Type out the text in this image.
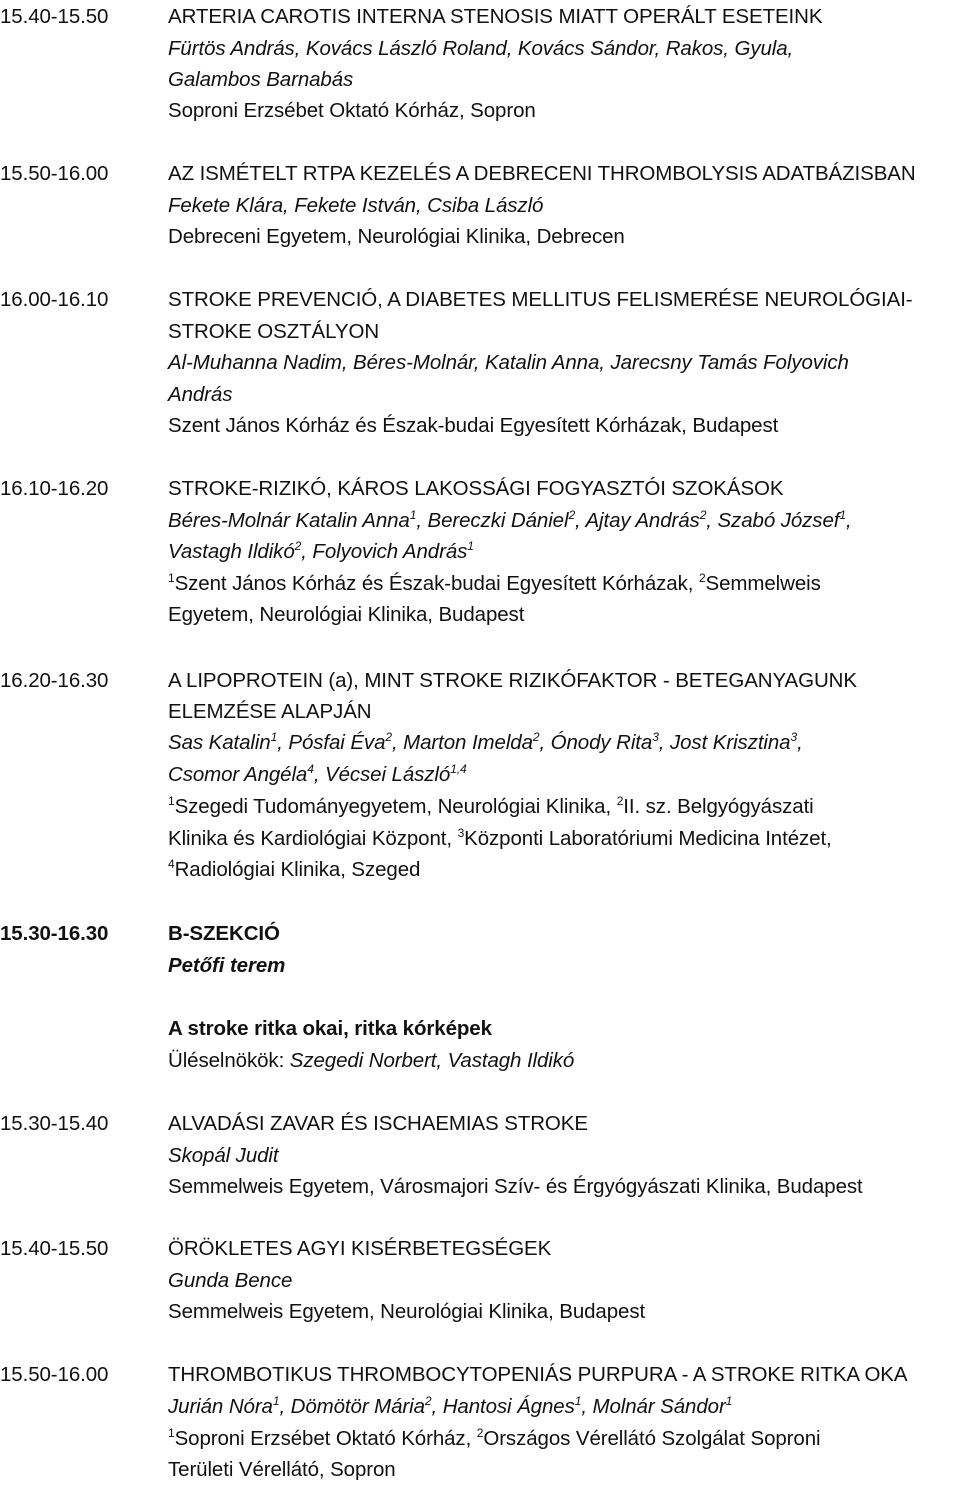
15.40-15.50	ARTERIA CAROTIS INTERNA STENOSIS MIATT OPERÁLT ESETEINK
Fürtös András, Kovács László Roland, Kovács Sándor, Rakos, Gyula,
Galambos Barnabás
Soproni Erzsébet Oktató Kórház, Sopron
15.50-16.00	AZ ISMÉTELT RTPA KEZELÉS A DEBRECENI THROMBOLYSIS ADATBÁZISBAN
Fekete Klára, Fekete István, Csiba László
Debreceni Egyetem, Neurológiai Klinika, Debrecen
16.00-16.10	STROKE PREVENCIÓ, A DIABETES MELLITUS FELISMERÉSE NEUROLÓGIAI-
STROKE OSZTÁLYON
Al-Muhanna Nadim, Béres-Molnár, Katalin Anna, Jarecsny Tamás Folyovich
András
Szent János Kórház és Észak-budai Egyesített Kórházak, Budapest
16.10-16.20	STROKE-RIZIKÓ, KÁROS LAKOSSÁGI FOGYASZTÓI SZOKÁSOK
Béres-Molnár Katalin Anna$^1$, Bereczki Dániel$^2$, Ajtay András$^2$, Szabó József$^1$,
Vastagh Ildikó$^2$, Folyovich András$^1$
$^1$Szent János Kórház és Észak-budai Egyesített Kórházak, $^2$Semmelweis
Egyetem, Neurológiai Klinika, Budapest
16.20-16.30	A LIPOPROTEIN (a), MINT STROKE RIZIKÓFAKTOR - BETEGANYAGUNK
ELEMZÉSE ALAPJÁN
Sas Katalin$^1$, Pósfai Éva$^2$, Marton Imelda$^2$, Ónody Rita$^3$, Jost Krisztina$^3$,
Csomor Angéla$^4$, Vécsei László$^{1,4}$
$^1$Szegedi Tudományegyetem, Neurológiai Klinika, $^2$II. sz. Belgyógyászati
Klinika és Kardiológiai Központ, $^3$Központi Laboratóriumi Medicina Intézet,
$^4$Radiológiai Klinika, Szeged
15.30-16.30	B-SZEKCIÓ
Petőfi terem
A stroke ritka okai, ritka kórképek
Üléselnökök: Szegedi Norbert, Vastagh Ildikó
15.30-15.40	ALVADÁSI ZAVAR ÉS ISCHAEMIAS STROKE
Skopál Judit
Semmelweis Egyetem, Városmajori Szív- és Érgyógyászati Klinika, Budapest
15.40-15.50	ÖRÖKLETES AGYI KISÉRBETEGSÉGEK
Gunda Bence
Semmelweis Egyetem, Neurológiai Klinika, Budapest
15.50-16.00	THROMBOTIKUS THROMBOCYTOPENIÁS PURPURA - A STROKE RITKA OKA
Jurián Nóra$^1$, Dömötör Mária$^2$, Hantosi Ágnes$^1$, Molnár Sándor$^1$
$^1$Soproni Erzsébet Oktató Kórház, $^2$Országos Vérellátó Szolgálat Soproni
Területi Vérellátó, Sopron
